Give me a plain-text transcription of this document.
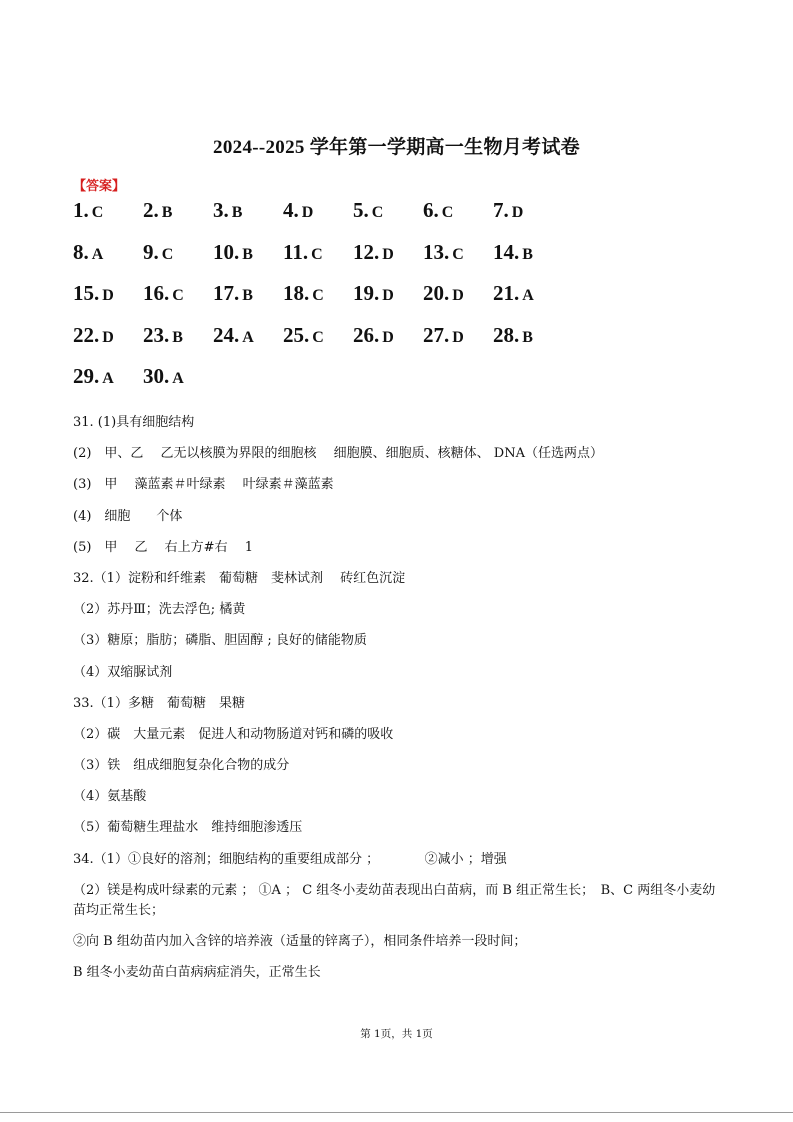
2024--2025 学年第一学期高一生物月考试卷
【答案】
1. C 2. B 3. B 4. D 5. C 6. C 7. D
8. A 9. C 10. B 11. C 12. D 13. C 14. B
15. D 16. C 17. B 18. C 19. D 20. D 21. A
22. D 23. B 24. A 25. C 26. D 27. D 28. B
29. A 30. A
31. (1)具有细胞结构
(2)　甲、乙　 乙无以核膜为界限的细胞核　 细胞膜、细胞质、核糖体、 DNA（任选两点）
(3)　甲　 藻蓝素＃叶绿素　 叶绿素＃藻蓝素
(4)　细胞　　个体
(5)　甲　 乙　 右上方#右　 1
32.（1）淀粉和纤维素　葡萄糖　斐林试剂　 砖红色沉淀
（2）苏丹Ⅲ；洗去浮色; 橘黄
（3）糖原；脂肪；磷脂、胆固醇 ; 良好的储能物质
（4）双缩脲试剂
33.（1）多糖　葡萄糖　果糖
（2）碳　大量元素　促进人和动物肠道对钙和磷的吸收
（3）铁　组成细胞复杂化合物的成分
（4）氨基酸
（5）葡萄糖生理盐水　维持细胞渗透压
34.（1）①良好的溶剂；细胞结构的重要组成部分 ；　　　　②减小 ；增强
（2）镁是构成叶绿素的元素 ； ①A ； C 组冬小麦幼苗表现出白苗病，而 B 组正常生长；　B、C 两组冬小麦幼苗均正常生长；
②向 B 组幼苗内加入含锌的培养液（适量的锌离子），相同条件培养一段时间；
B 组冬小麦幼苗白苗病病症消失，正常生长
第 1页，共 1页
